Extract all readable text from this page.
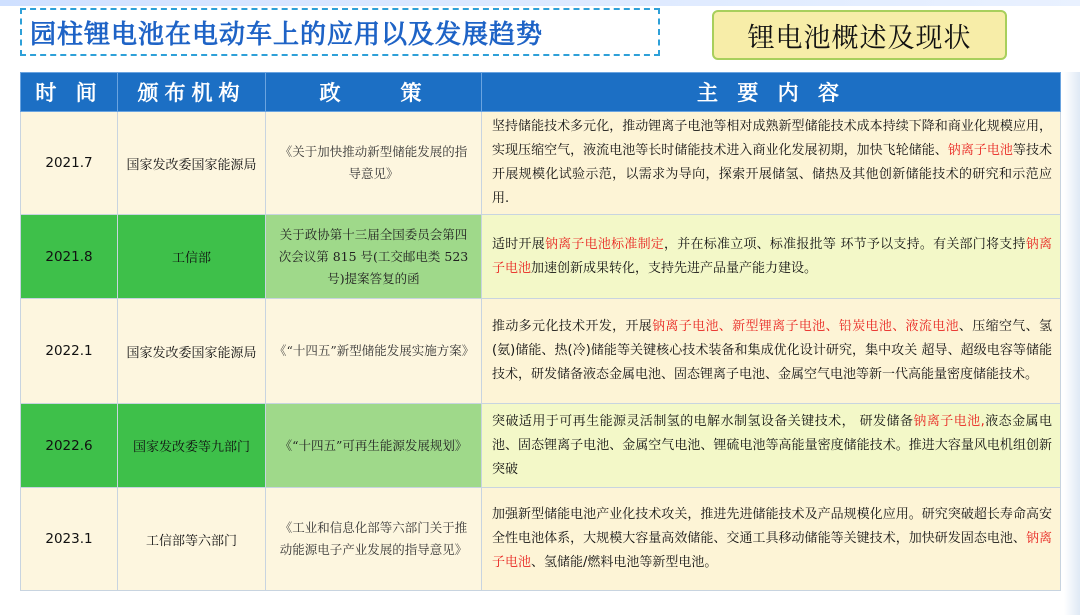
园柱锂电池在电动车上的应用以及发展趋势	锂电池概述及现状
时 间	颁布机构	政　　策	主 要 内 容
2021.7	国家发改委国家能源局	《关于加快推动新型储能发展的指导意见》	坚持储能技术多元化，推动锂离子电池等相对成熟新型储能技术成本持续下降和商业化规模应用，实现压缩空气，液流电池等长时储能技术进入商业化发展初期，加快飞轮储能、钠离子电池等技术开展规模化试验示范，以需求为导向，探索开展储氢、储热及其他创新储能技术的研究和示范应用.
2021.8	工信部	关于政协第十三届全国委员会第四次会议第 815 号(工交邮电类 523 号)提案答复的函	适时开展钠离子电池标准制定，并在标准立项、标准报批等 环节予以支持。有关部门将支持钠离子电池加速创新成果转化，支持先进产品量产能力建设。
2022.1	国家发改委国家能源局	《“十四五”新型储能发展实施方案》	推动多元化技术开发，开展钠离子电池、新型锂离子电池、铅炭电池、液流电池、压缩空气、氢(氨)储能、热(冷)储能等关键核心技术装备和集成优化设计研究，集中攻关 超导、超级电容等储能技术，研发储备液态金属电池、固态锂离子电池、金属空气电池等新一代高能量密度储能技术。
2022.6	国家发改委等九部门	《“十四五”可再生能源发展规划》	突破适用于可再生能源灵活制氢的电解水制氢设备关键技术， 研发储备钠离子电池,液态金属电池、固态锂离子电池、金属空气电池、锂硫电池等高能量密度储能技术。推进大容量风电机组创新突破
2023.1	工信部等六部门	《工业和信息化部等六部门关于推动能源电子产业发展的指导意见》	加强新型储能电池产业化技术攻关，推进先进储能技术及产品规模化应用。研究突破超长寿命高安全性电池体系，大规模大容量高效储能、交通工具移动储能等关键技术，加快研发固态电池、钠离子电池、氢储能/燃料电池等新型电池。
